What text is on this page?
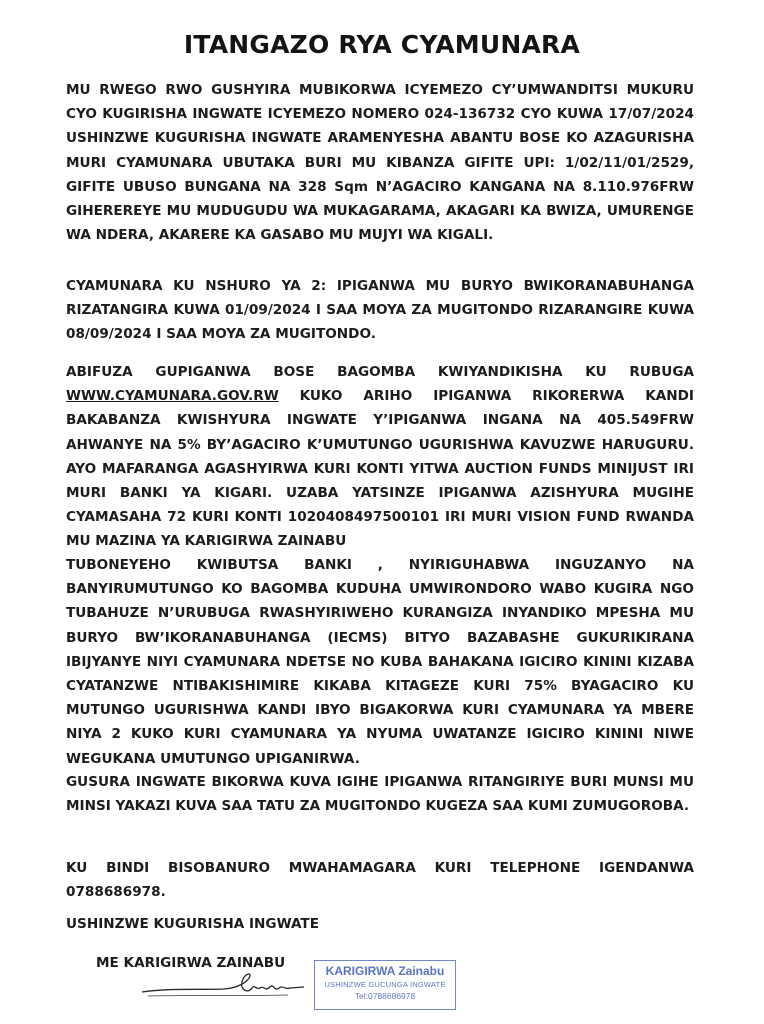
ITANGAZO RYA CYAMUNARA

MU RWEGO RWO GUSHYIRA MUBIKORWA ICYEMEZO CY’UMWANDITSI MUKURU CYO KUGIRISHA INGWATE ICYEMEZO NOMERO 024-136732 CYO KUWA 17/07/2024 USHINZWE KUGURISHA INGWATE ARAMENYESHA ABANTU BOSE KO AZAGURISHA MURI CYAMUNARA UBUTAKA BURI MU KIBANZA GIFITE UPI: 1/02/11/01/2529, GIFITE UBUSO BUNGANA NA 328 Sqm N’AGACIRO KANGANA NA 8.110.976FRW GIHEREREYE MU MUDUGUDU WA MUKAGARAMA, AKAGARI KA BWIZA, UMURENGE WA NDERA, AKARERE KA GASABO MU MUJYI WA KIGALI.

CYAMUNARA KU NSHURO YA 2: IPIGANWA MU BURYO BWIKORANABUHANGA RIZATANGIRA KUWA 01/09/2024 I SAA MOYA ZA MUGITONDO RIZARANGIRE KUWA 08/09/2024 I SAA MOYA ZA MUGITONDO.

ABIFUZA GUPIGANWA BOSE BAGOMBA KWIYANDIKISHA KU RUBUGA WWW.CYAMUNARA.GOV.RW KUKO ARIHO IPIGANWA RIKORERWA KANDI BAKABANZA KWISHYURA INGWATE Y’IPIGANWA INGANA NA 405.549FRW AHWANYE NA 5% BY’AGACIRO K’UMUTUNGO UGURISHWA KAVUZWE HARUGURU. AYO MAFARANGA AGASHYIRWA KURI KONTI YITWA AUCTION FUNDS MINIJUST IRI MURI BANKI YA KIGARI. UZABA YATSINZE IPIGANWA AZISHYURA MUGIHE CYAMASAHA 72 KURI KONTI 1020408497500101 IRI MURI VISION FUND RWANDA MU MAZINA YA KARIGIRWA ZAINABU

TUBONEYEHO KWIBUTSA BANKI , NYIRIGUHABWA INGUZANYO NA BANYIRUMUTUNGO KO BAGOMBA KUDUHA UMWIRONDORO WABO KUGIRA NGO TUBAHUZE N’URUBUGA RWASHYIRIWEHO KURANGIZA INYANDIKO MPESHA MU BURYO BW’IKORANABUHANGA (IECMS) BITYO BAZABASHE GUKURIKIRANA IBIJYANYE NIYI CYAMUNARA NDETSE NO KUBA BAHAKANA IGICIRO KININI KIZABA CYATANZWE NTIBAKISHIMIRE KIKABA KITAGEZE KURI 75% BYAGACIRO KU MUTUNGO UGURISHWA KANDI IBYO BIGAKORWA KURI CYAMUNARA YA MBERE NIYA 2 KUKO KURI CYAMUNARA YA NYUMA UWATANZE IGICIRO KININI NIWE WEGUKANA UMUTUNGO UPIGANIRWA.

GUSURA INGWATE BIKORWA KUVA IGIHE IPIGANWA RITANGIRIYE BURI MUNSI MU MINSI YAKAZI KUVA SAA TATU ZA MUGITONDO KUGEZA SAA KUMI ZUMUGOROBA.

KU BINDI BISOBANURO MWAHAMAGARA KURI TELEPHONE IGENDANWA 0788686978.

USHINZWE KUGURISHA INGWATE

ME KARIGIRWA ZAINABU	KARIGIRWA Zainabu
USHINZWE GUCUNGA INGWATE
Tel:0788686978
